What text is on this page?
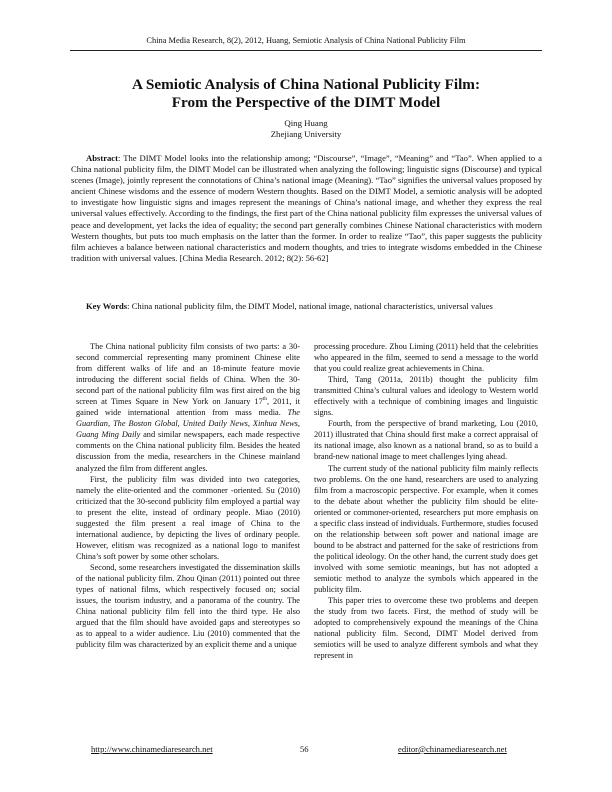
China Media Research, 8(2), 2012, Huang, Semiotic Analysis of China National Publicity Film
A Semiotic Analysis of China National Publicity Film:
From the Perspective of the DIMT Model
Qing Huang
Zhejiang University
Abstract: The DIMT Model looks into the relationship among; “Discourse”, “Image”, “Meaning” and “Tao”. When applied to a China national publicity film, the DIMT Model can be illustrated when analyzing the following; linguistic signs (Discourse) and typical scenes (Image), jointly represent the connotations of China’s national image (Meaning). “Tao” signifies the universal values proposed by ancient Chinese wisdoms and the essence of modern Western thoughts. Based on the DIMT Model, a semiotic analysis will be adopted to investigate how linguistic signs and images represent the meanings of China’s national image, and whether they express the real universal values effectively. According to the findings, the first part of the China national publicity film expresses the universal values of peace and development, yet lacks the idea of equality; the second part generally combines Chinese National characteristics with modern Western thoughts, but puts too much emphasis on the latter than the former. In order to realize “Tao”, this paper suggests the publicity film achieves a balance between national characteristics and modern thoughts, and tries to integrate wisdoms embedded in the Chinese tradition with universal values. [China Media Research. 2012; 8(2): 56-62]
Key Words: China national publicity film, the DIMT Model, national image, national characteristics, universal values

The China national publicity film consists of two parts: a 30-second commercial representing many prominent Chinese elite from different walks of life and an 18-minute feature movie introducing the different social fields of China. When the 30-second part of the national publicity film was first aired on the big screen at Times Square in New York on January 17th, 2011, it gained wide international attention from mass media. The Guardian, The Boston Global, United Daily News, Xinhua News, Guang Ming Daily and similar newspapers, each made respective comments on the China national publicity film. Besides the heated discussion from the media, researchers in the Chinese mainland analyzed the film from different angles.

First, the publicity film was divided into two categories, namely the elite-oriented and the commoner -oriented. Su (2010) criticized that the 30-second publicity film employed a partial way to present the elite, instead of ordinary people. Miao (2010) suggested the film present a real image of China to the international audience, by depicting the lives of ordinary people. However, elitism was recognized as a national logo to manifest China’s soft power by some other scholars.

Second, some researchers investigated the dissemination skills of the national publicity film. Zhou Qinan (2011) pointed out three types of national films, which respectively focused on; social issues, the tourism industry, and a panorama of the country. The China national publicity film fell into the third type. He also argued that the film should have avoided gaps and stereotypes so as to appeal to a wider audience. Liu (2010) commented that the publicity film was characterized by an explicit theme and a unique

processing procedure. Zhou Liming (2011) held that the celebrities who appeared in the film, seemed to send a message to the world that you could realize great achievements in China.

Third, Tang (2011a, 2011b) thought the publicity film transmitted China’s cultural values and ideology to Western world effectively with a technique of combining images and linguistic signs.

Fourth, from the perspective of brand marketing, Lou (2010, 2011) illustrated that China should first make a correct appraisal of its national image, also known as a national brand, so as to build a brand-new national image to meet challenges lying ahead.

The current study of the national publicity film mainly reflects two problems. On the one hand, researchers are used to analyzing film from a macroscopic perspective. For example, when it comes to the debate about whether the publicity film should be elite-oriented or commoner-oriented, researchers put more emphasis on a specific class instead of individuals. Furthermore, studies focused on the relationship between soft power and national image are bound to be abstract and patterned for the sake of restrictions from the political ideology. On the other hand, the current study does get involved with some semiotic meanings, but has not adopted a semiotic method to analyze the symbols which appeared in the publicity film.

This paper tries to overcome these two problems and deepen the study from two facets. First, the method of study will be adopted to comprehensively expound the meanings of the China national publicity film. Second, DIMT Model derived from semiotics will be used to analyze different symbols and what they represent in

http://www.chinamediaresearch.net	56	editor@chinamediaresearch.net
